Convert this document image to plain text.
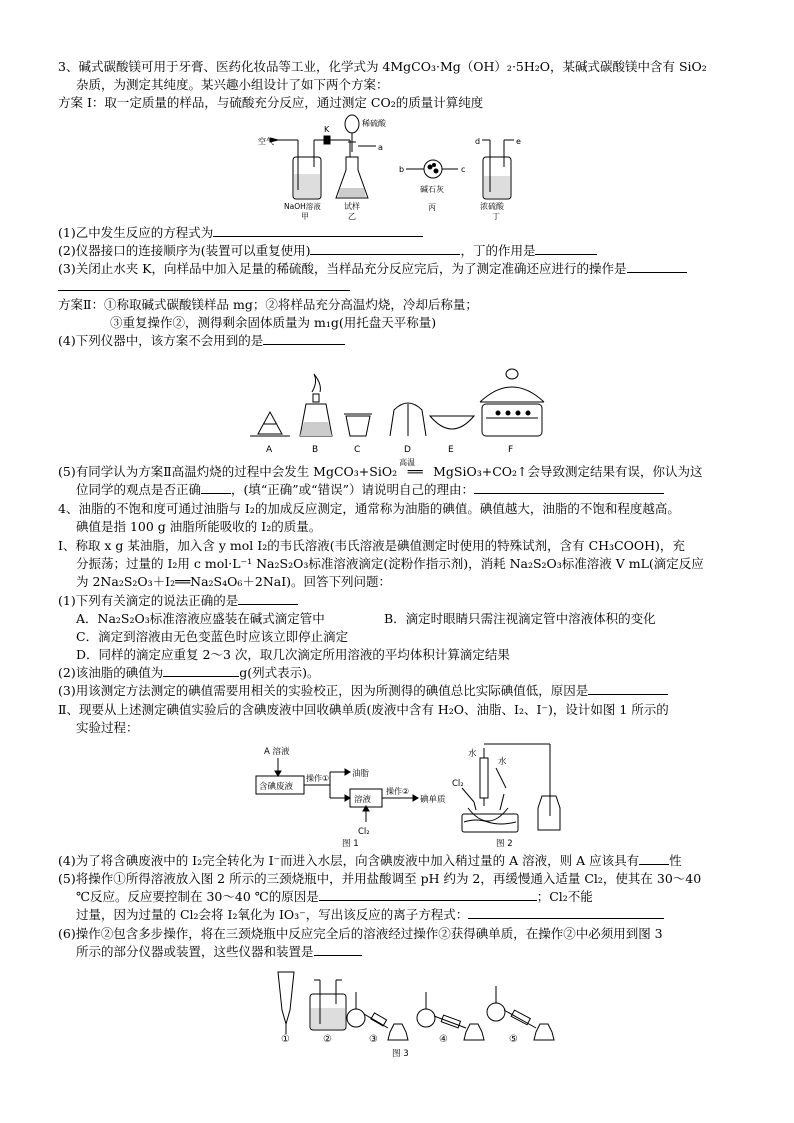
3、碱式碳酸镁可用于牙膏、医药化妆品等工业，化学式为 4MgCO₃·Mg（OH）₂·5H₂O，某碱式碳酸镁中含有 SiO₂
杂质，为测定其纯度。某兴趣小组设计了如下两个方案：
方案 I：取一定质量的样品，与硫酸充分反应，通过测定 CO₂的质量计算纯度
空气
K
稀硫酸
a
NaOH溶液	试样
甲	乙
b	c
碱石灰
丙
d	e
浓硫酸
丁
(1)乙中发生反应的方程式为
(2)仪器接口的连接顺序为(装置可以重复使用)	，丁的作用是
(3)关闭止水夹 K，向样品中加入足量的稀硫酸，当样品充分反应完后，为了测定准确还应进行的操作是
方案Ⅱ：①称取碱式碳酸镁样品 mg；②将样品充分高温灼烧，冷却后称量；
③重复操作②，测得剩余固体质量为 m₁g(用托盘天平称量)
(4)下列仪器中，该方案不会用到的是
A	B	C	D	E	F
(5)有同学认为方案Ⅱ高温灼烧的过程中会发生 MgCO₃+SiO₂
高温
══ MgSiO₃+CO₂↑会导致测定结果有误，你认为这
位同学的观点是否正确 ，(填“正确”或“错误”）请说明自己的理由：
4、油脂的不饱和度可通过油脂与 I₂的加成反应测定，通常称为油脂的碘值。碘值越大，油脂的不饱和程度越高。
碘值是指 100 g 油脂所能吸收的 I₂的质量。
Ⅰ、称取 x g 某油脂，加入含 y mol I₂的韦氏溶液(韦氏溶液是碘值测定时使用的特殊试剂，含有 CH₃COOH)，充
分振荡；过量的 I₂用 c mol·L⁻¹ Na₂S₂O₃标准溶液滴定(淀粉作指示剂)，消耗 Na₂S₂O₃标准溶液 V mL(滴定反应
为 2Na₂S₂O₃＋I₂══Na₂S₄O₆＋2NaI)。回答下列问题：
(1)下列有关滴定的说法正确的是
A．Na₂S₂O₃标准溶液应盛装在碱式滴定管中	B．滴定时眼睛只需注视滴定管中溶液体积的变化
C．滴定到溶液由无色变蓝色时应该立即停止滴定
D．同样的滴定应重复 2～3 次，取几次滴定所用溶液的平均体积计算滴定结果
(2)该油脂的碘值为	g(列式表示)。
(3)用该测定方法测定的碘值需要用相关的实验校正，因为所测得的碘值总比实际碘值低，原因是
Ⅱ、现要从上述测定碘值实验后的含碘废液中回收碘单质(废液中含有 H₂O、油脂、I₂、I⁻)，设计如图 1 所示的
实验过程：
A 溶液
含碘废液
操作①	油脂
溶液
操作②
碘单质
Cl₂
图 1
水
水
Cl₂
图 2
(4)为了将含碘废液中的 I₂完全转化为 I⁻而进入水层，向含碘废液中加入稍过量的 A 溶液，则 A 应该具有 性
(5)将操作①所得溶液放入图 2 所示的三颈烧瓶中，并用盐酸调至 pH 约为 2，再缓慢通入适量 Cl₂，使其在 30～40
℃反应。反应要控制在 30～40 ℃的原因是	；Cl₂不能
过量，因为过量的 Cl₂会将 I₂氧化为 IO₃⁻，写出该反应的离子方程式：
(6)操作②包含多步操作，将在三颈烧瓶中反应完全后的溶液经过操作②获得碘单质，在操作②中必须用到图 3
所示的部分仪器或装置，这些仪器和装置是
①	②	③	④	⑤
图 3
